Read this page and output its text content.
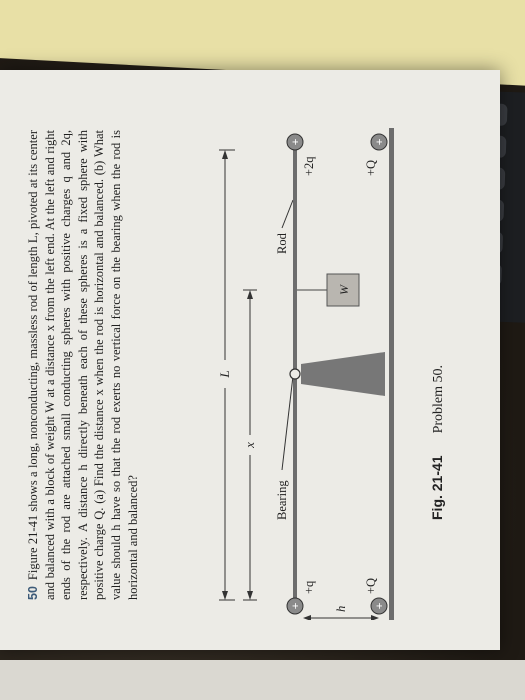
50Figure 21-41 shows a long, nonconducting, massless rod of length L, pivoted at its center and balanced with a block of weight W at a distance x from the left end. At the left and right ends of the rod are attached small conducting spheres with positive charges q and 2q, respectively. A distance h directly beneath each of these spheres is a fixed sphere with positive charge Q. (a) Find the distance x when the rod is horizontal and balanced. (b) What value should h have so that the rod exerts no vertical force on the bearing when the rod is horizontal and balanced?
L
x
Bearing
Rod
W
+
+q
h +
+Q
+
+2q
+
+Q
Fig. 21-41Problem 50.
